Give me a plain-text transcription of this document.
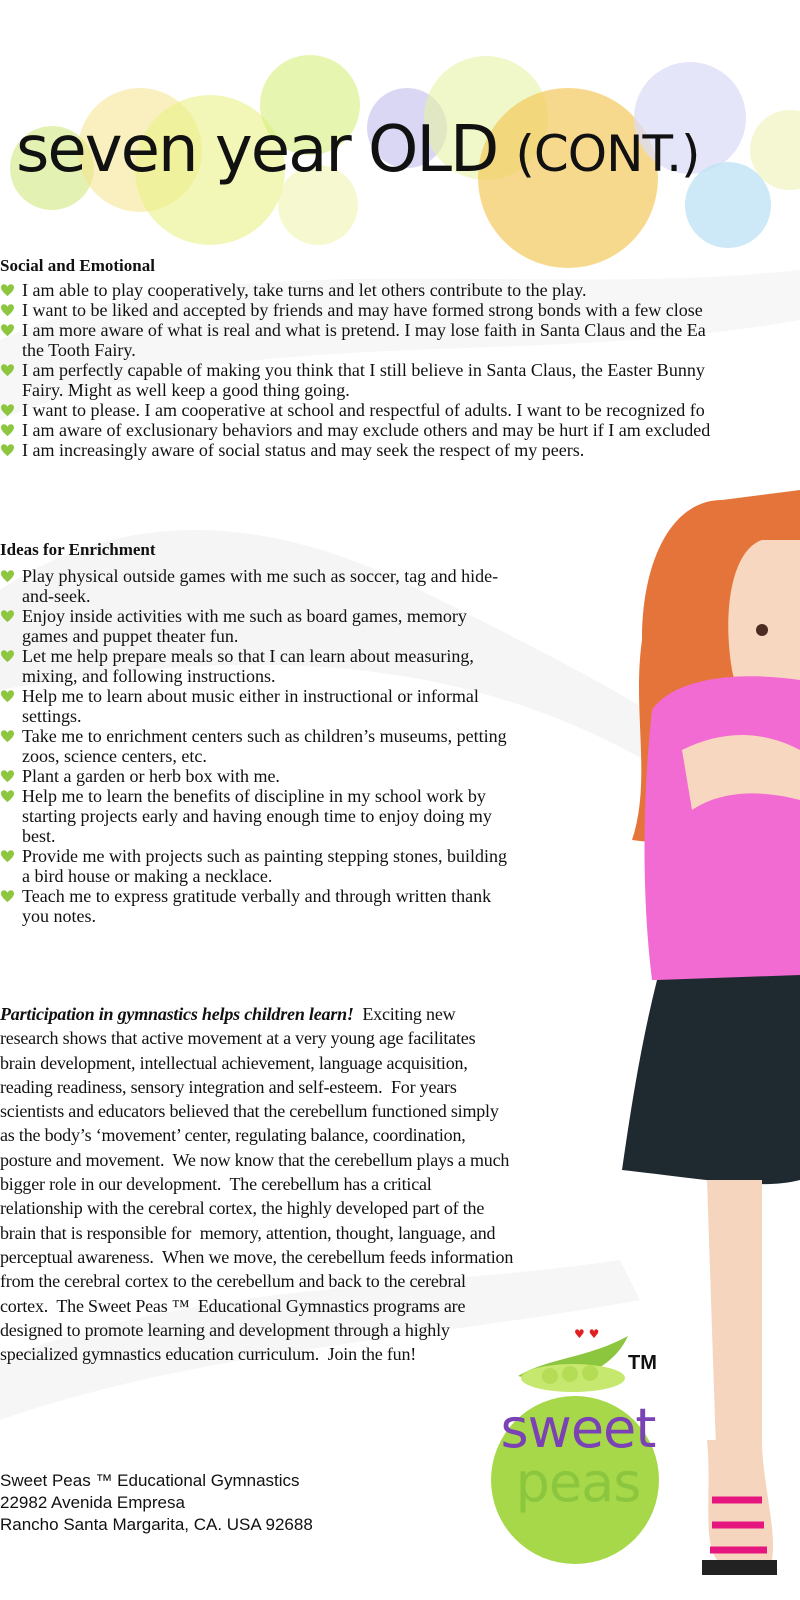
seven year OLD (CONT.)
Social and Emotional
I am able to play cooperatively, take turns and let others contribute to the play.
I want to be liked and accepted by friends and may have formed strong bonds with a few close
I am more aware of what is real and what is pretend. I may lose faith in Santa Claus and the Ea
the Tooth Fairy.
I am perfectly capable of making you think that I still believe in Santa Claus, the Easter Bunny
Fairy. Might as well keep a good thing going.
I want to please. I am cooperative at school and respectful of adults. I want to be recognized fo
I am aware of exclusionary behaviors and may exclude others and may be hurt if I am excluded
I am increasingly aware of social status and may seek the respect of my peers.
Ideas for Enrichment
Play physical outside games with me such as soccer, tag and hide-
and-seek.
Enjoy inside activities with me such as board games, memory
games and puppet theater fun.
Let me help prepare meals so that I can learn about measuring,
mixing, and following instructions.
Help me to learn about music either in instructional or informal
settings.
Take me to enrichment centers such as children’s museums, petting
zoos, science centers, etc.
Plant a garden or herb box with me.
Help me to learn the benefits of discipline in my school work by
starting projects early and having enough time to enjoy doing my
best.
Provide me with projects such as painting stepping stones, building
a bird house or making a necklace.
Teach me to express gratitude verbally and through written thank
you notes.

Participation in gymnastics helps children learn!  Exciting new
research shows that active movement at a very young age facilitates
brain development, intellectual achievement, language acquisition,
reading readiness, sensory integration and self-esteem.  For years
scientists and educators believed that the cerebellum functioned simply
as the body’s ‘movement’ center, regulating balance, coordination,
posture and movement.  We now know that the cerebellum plays a much
bigger role in our development.  The cerebellum has a critical
relationship with the cerebral cortex, the highly developed part of the
brain that is responsible for  memory, attention, thought, language, and
perceptual awareness.  When we move, the cerebellum feeds information
from the cerebral cortex to the cerebellum and back to the cerebral
cortex.  The Sweet Peas ™  Educational Gymnastics programs are
designed to promote learning and development through a highly
specialized gymnastics education curriculum.  Join the fun!

♥ ♥
sweet
peas
TM
Sweet Peas ™ Educational Gymnastics
22982 Avenida Empresa
Rancho Santa Margarita, CA. USA 92688
